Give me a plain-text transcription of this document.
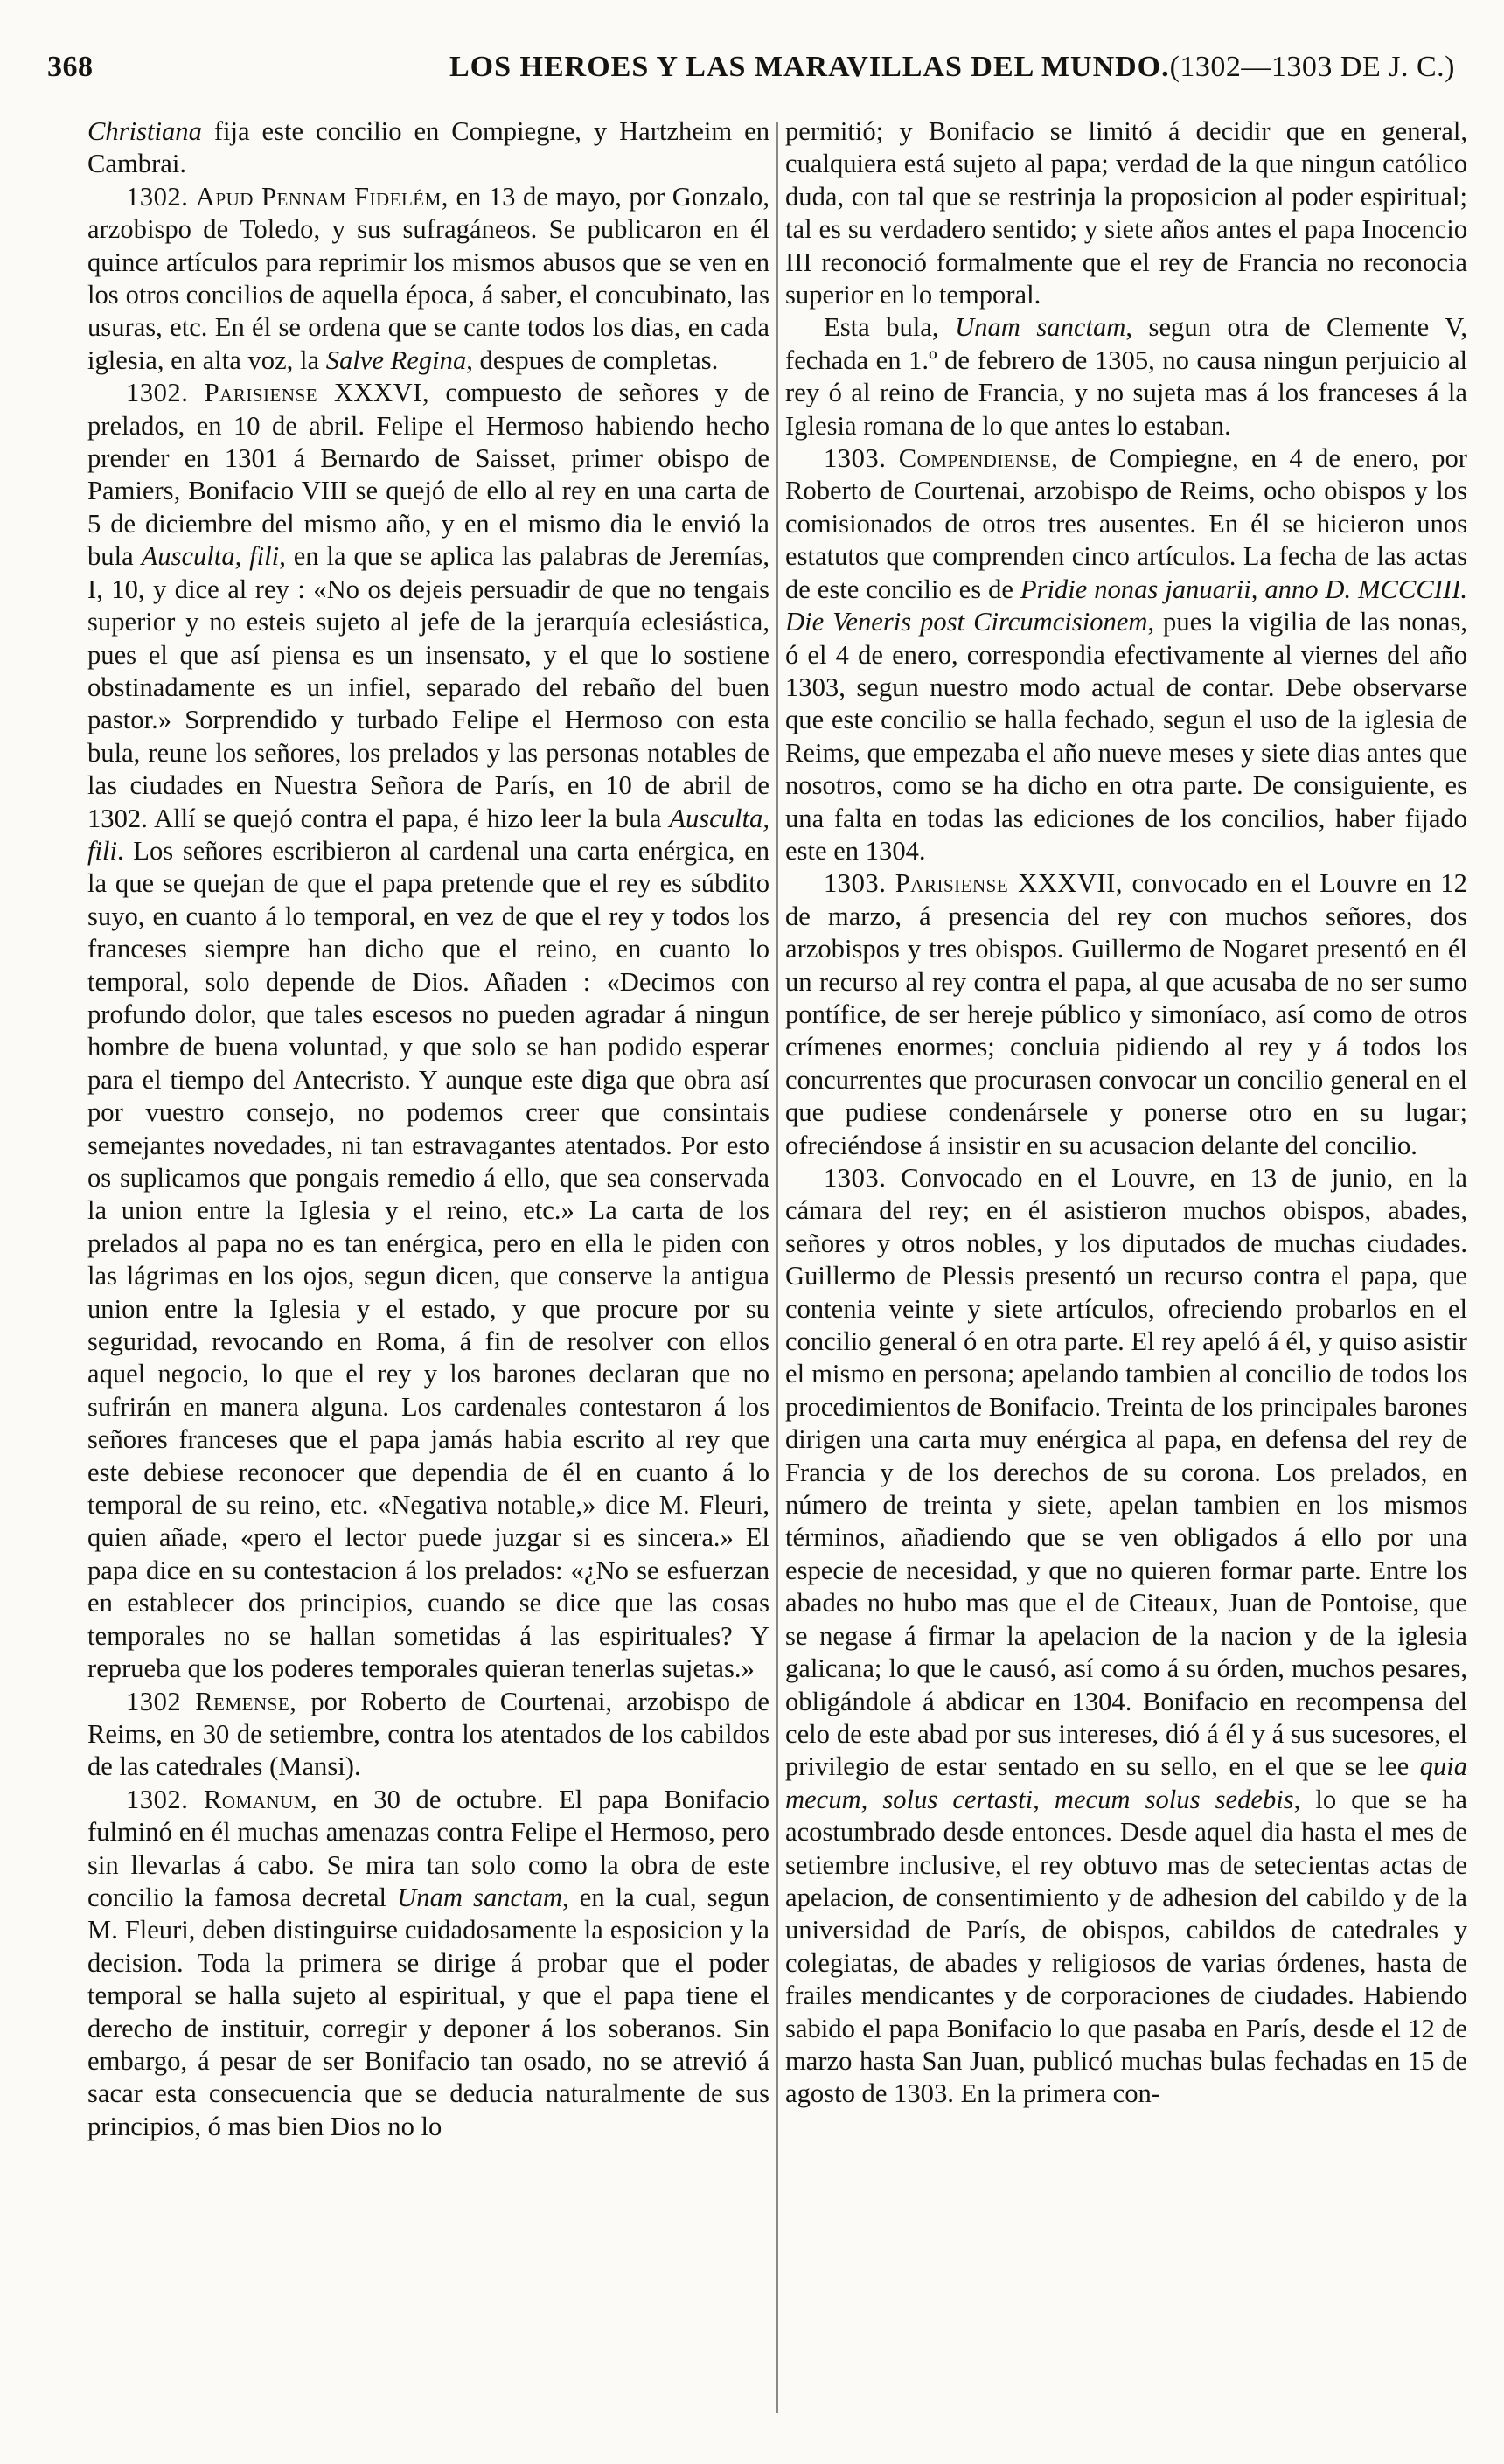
368	LOS HEROES Y LAS MARAVILLAS DEL MUNDO. (1302—1303 DE J. C.)

Christiana fija este concilio en Compiegne, y Hartzheim en Cambrai.

1302. Apud Pennam Fidelém, en 13 de mayo, por Gonzalo, arzobispo de Toledo, y sus sufragáneos. Se publicaron en él quince artículos para reprimir los mismos abusos que se ven en los otros concilios de aquella época, á saber, el concubinato, las usuras, etc. En él se ordena que se cante todos los dias, en cada iglesia, en alta voz, la Salve Regina, despues de completas.

1302. Parisiense XXXVI, compuesto de señores y de prelados, en 10 de abril. Felipe el Hermoso habiendo hecho prender en 1301 á Bernardo de Saisset, primer obispo de Pamiers, Bonifacio VIII se quejó de ello al rey en una carta de 5 de diciembre del mismo año, y en el mismo dia le envió la bula Ausculta, fili, en la que se aplica las palabras de Jeremías, I, 10, y dice al rey : «No os dejeis persuadir de que no tengais superior y no esteis sujeto al jefe de la jerarquía eclesiástica, pues el que así piensa es un insensato, y el que lo sostiene obstinadamente es un infiel, separado del rebaño del buen pastor.» Sorprendido y turbado Felipe el Hermoso con esta bula, reune los señores, los prelados y las personas notables de las ciudades en Nuestra Señora de París, en 10 de abril de 1302. Allí se quejó contra el papa, é hizo leer la bula Ausculta, fili. Los señores escribieron al cardenal una carta enérgica, en la que se quejan de que el papa pretende que el rey es súbdito suyo, en cuanto á lo temporal, en vez de que el rey y todos los franceses siempre han dicho que el reino, en cuanto lo temporal, solo depende de Dios. Añaden : «Decimos con profundo dolor, que tales escesos no pueden agradar á ningun hombre de buena voluntad, y que solo se han podido esperar para el tiempo del Antecristo. Y aunque este diga que obra así por vuestro consejo, no podemos creer que consintais semejantes novedades, ni tan estravagantes atentados. Por esto os suplicamos que pongais remedio á ello, que sea conservada la union entre la Iglesia y el reino, etc.» La carta de los prelados al papa no es tan enérgica, pero en ella le piden con las lágrimas en los ojos, segun dicen, que conserve la antigua union entre la Iglesia y el estado, y que procure por su seguridad, revocando en Roma, á fin de resolver con ellos aquel negocio, lo que el rey y los barones declaran que no sufrirán en manera alguna. Los cardenales contestaron á los señores franceses que el papa jamás habia escrito al rey que este debiese reconocer que dependia de él en cuanto á lo temporal de su reino, etc. «Negativa notable,» dice M. Fleuri, quien añade, «pero el lector puede juzgar si es sincera.» El papa dice en su contestacion á los prelados: «¿No se esfuerzan en establecer dos principios, cuando se dice que las cosas temporales no se hallan sometidas á las espirituales? Y reprueba que los poderes temporales quieran tenerlas sujetas.»

1302 Remense, por Roberto de Courtenai, arzobispo de Reims, en 30 de setiembre, contra los atentados de los cabildos de las catedrales (Mansi).

1302. Romanum, en 30 de octubre. El papa Bonifacio fulminó en él muchas amenazas contra Felipe el Hermoso, pero sin llevarlas á cabo. Se mira tan solo como la obra de este concilio la famosa decretal Unam sanctam, en la cual, segun M. Fleuri, deben distinguirse cuidadosamente la esposicion y la decision. Toda la primera se dirige á probar que el poder temporal se halla sujeto al espiritual, y que el papa tiene el derecho de instituir, corregir y deponer á los soberanos. Sin embargo, á pesar de ser Bonifacio tan osado, no se atrevió á sacar esta consecuencia que se deducia naturalmente de sus principios, ó mas bien Dios no lo

permitió; y Bonifacio se limitó á decidir que en general, cualquiera está sujeto al papa; verdad de la que ningun católico duda, con tal que se restrinja la proposicion al poder espiritual; tal es su verdadero sentido; y siete años antes el papa Inocencio III reconoció formalmente que el rey de Francia no reconocia superior en lo temporal.

Esta bula, Unam sanctam, segun otra de Clemente V, fechada en 1.º de febrero de 1305, no causa ningun perjuicio al rey ó al reino de Francia, y no sujeta mas á los franceses á la Iglesia romana de lo que antes lo estaban.

1303. Compendiense, de Compiegne, en 4 de enero, por Roberto de Courtenai, arzobispo de Reims, ocho obispos y los comisionados de otros tres ausentes. En él se hicieron unos estatutos que comprenden cinco artículos. La fecha de las actas de este concilio es de Pridie nonas januarii, anno D. MCCCIII. Die Veneris post Circumcisionem, pues la vigilia de las nonas, ó el 4 de enero, correspondia efectivamente al viernes del año 1303, segun nuestro modo actual de contar. Debe observarse que este concilio se halla fechado, segun el uso de la iglesia de Reims, que empezaba el año nueve meses y siete dias antes que nosotros, como se ha dicho en otra parte. De consiguiente, es una falta en todas las ediciones de los concilios, haber fijado este en 1304.

1303. Parisiense XXXVII, convocado en el Louvre en 12 de marzo, á presencia del rey con muchos señores, dos arzobispos y tres obispos. Guillermo de Nogaret presentó en él un recurso al rey contra el papa, al que acusaba de no ser sumo pontífice, de ser hereje público y simoníaco, así como de otros crímenes enormes; concluia pidiendo al rey y á todos los concurrentes que procurasen convocar un concilio general en el que pudiese condenársele y ponerse otro en su lugar; ofreciéndose á insistir en su acusacion delante del concilio.

1303. Convocado en el Louvre, en 13 de junio, en la cámara del rey; en él asistieron muchos obispos, abades, señores y otros nobles, y los diputados de muchas ciudades. Guillermo de Plessis presentó un recurso contra el papa, que contenia veinte y siete artículos, ofreciendo probarlos en el concilio general ó en otra parte. El rey apeló á él, y quiso asistir el mismo en persona; apelando tambien al concilio de todos los procedimientos de Bonifacio. Treinta de los principales barones dirigen una carta muy enérgica al papa, en defensa del rey de Francia y de los derechos de su corona. Los prelados, en número de treinta y siete, apelan tambien en los mismos términos, añadiendo que se ven obligados á ello por una especie de necesidad, y que no quieren formar parte. Entre los abades no hubo mas que el de Citeaux, Juan de Pontoise, que se negase á firmar la apelacion de la nacion y de la iglesia galicana; lo que le causó, así como á su órden, muchos pesares, obligándole á abdicar en 1304. Bonifacio en recompensa del celo de este abad por sus intereses, dió á él y á sus sucesores, el privilegio de estar sentado en su sello, en el que se lee quia mecum, solus certasti, mecum solus sedebis, lo que se ha acostumbrado desde entonces. Desde aquel dia hasta el mes de setiembre inclusive, el rey obtuvo mas de setecientas actas de apelacion, de consentimiento y de adhesion del cabildo y de la universidad de París, de obispos, cabildos de catedrales y colegiatas, de abades y religiosos de varias órdenes, hasta de frailes mendicantes y de corporaciones de ciudades. Habiendo sabido el papa Bonifacio lo que pasaba en París, desde el 12 de marzo hasta San Juan, publicó muchas bulas fechadas en 15 de agosto de 1303. En la primera con-
